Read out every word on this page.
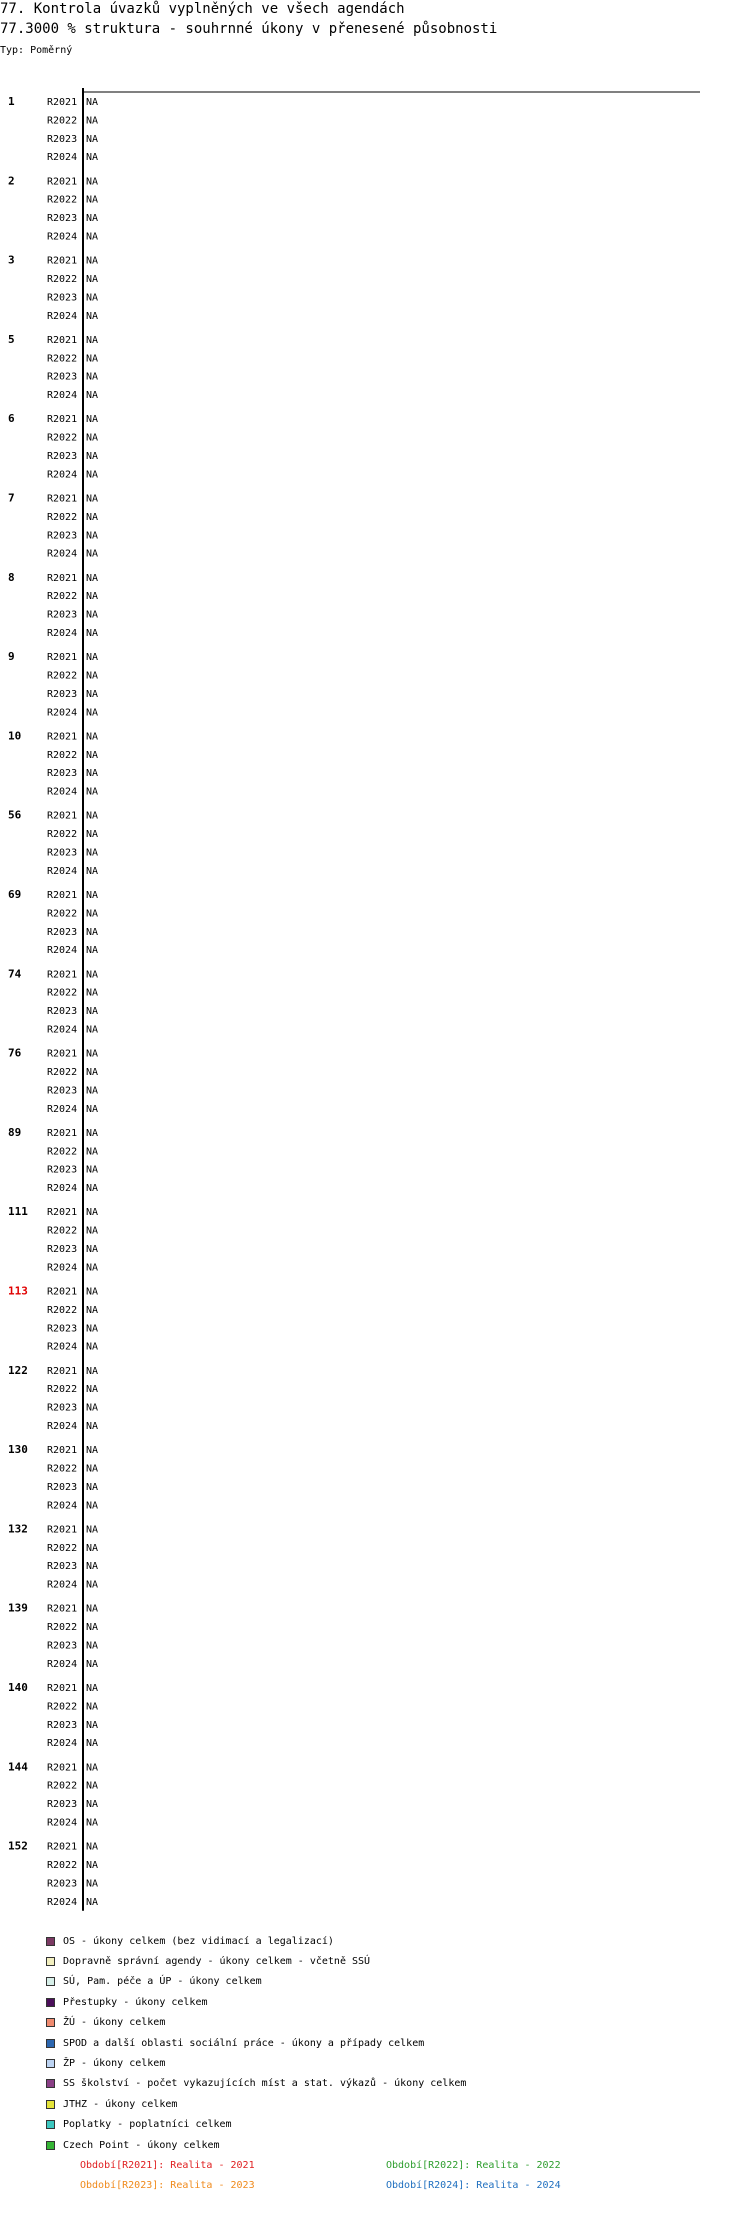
77. Kontrola úvazků vyplněných ve všech agendách
77.3000 % struktura - souhrnné úkony v přenesené působnosti
Typ: Poměrný
1	R2021 NA
R2022 NA
R2023 NA
R2024 NA
2	R2021 NA
R2022 NA
R2023 NA
R2024 NA
3	R2021 NA
R2022 NA
R2023 NA
R2024 NA
5	R2021 NA
R2022 NA
R2023 NA
R2024 NA
6	R2021 NA
R2022 NA
R2023 NA
R2024 NA
7	R2021 NA
R2022 NA
R2023 NA
R2024 NA
8	R2021 NA
R2022 NA
R2023 NA
R2024 NA
9	R2021 NA
R2022 NA
R2023 NA
R2024 NA
10	R2021 NA
R2022 NA
R2023 NA
R2024 NA
56	R2021 NA
R2022 NA
R2023 NA
R2024 NA
69	R2021 NA
R2022 NA
R2023 NA
R2024 NA
74	R2021 NA
R2022 NA
R2023 NA
R2024 NA
76	R2021 NA
R2022 NA
R2023 NA
R2024 NA
89	R2021 NA
R2022 NA
R2023 NA
R2024 NA
111 R2021 NA
R2022 NA
R2023 NA
R2024 NA
113 R2021 NA
R2022 NA
R2023 NA
R2024 NA
122 R2021 NA
R2022 NA
R2023 NA
R2024 NA
130 R2021 NA
R2022 NA
R2023 NA
R2024 NA
132 R2021 NA
R2022 NA
R2023 NA
R2024 NA
139 R2021 NA
R2022 NA
R2023 NA
R2024 NA
140 R2021 NA
R2022 NA
R2023 NA
R2024 NA
144 R2021 NA
R2022 NA
R2023 NA
R2024 NA
152 R2021 NA
R2022 NA
R2023 NA
R2024 NA
OS - úkony celkem (bez vidimací a legalizací)
Dopravně správní agendy - úkony celkem - včetně SSÚ
SÚ, Pam. péče a ÚP - úkony celkem
Přestupky - úkony celkem
ŽÚ - úkony celkem
SPOD a další oblasti sociální práce - úkony a případy celkem
ŽP - úkony celkem
SS školství - počet vykazujících míst a stat. výkazů - úkony celkem
JTHZ - úkony celkem
Poplatky - poplatníci celkem
Czech Point - úkony celkem
Období[R2021]: Realita - 2021	Období[R2022]: Realita - 2022
Období[R2023]: Realita - 2023	Období[R2024]: Realita - 2024
